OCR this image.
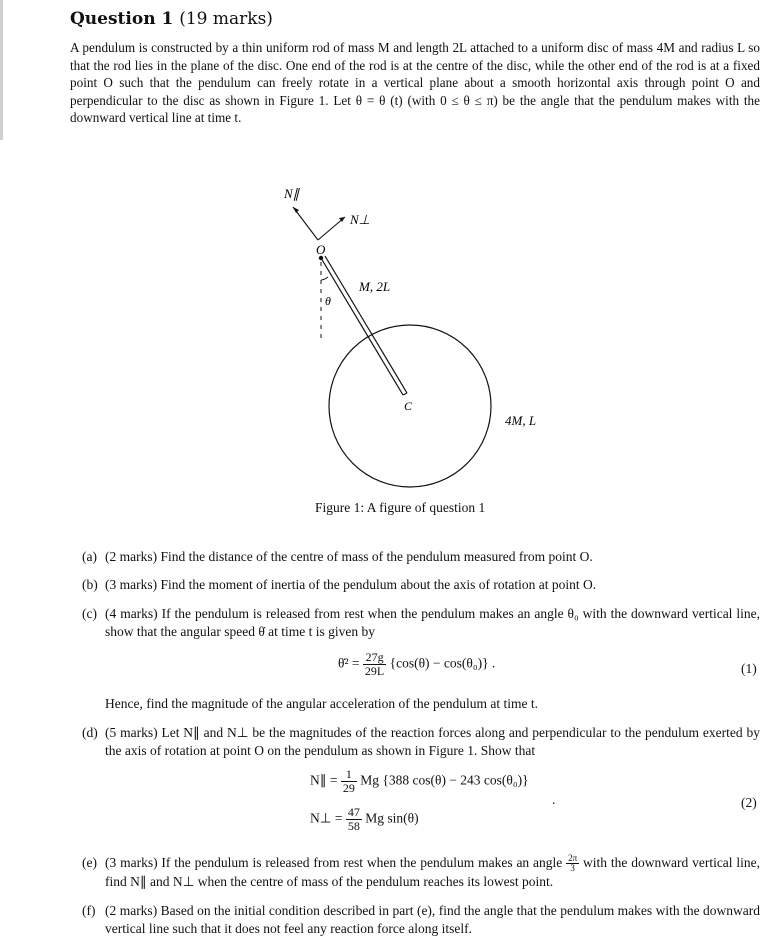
Question 1 (19 marks)
A pendulum is constructed by a thin uniform rod of mass M and length 2L attached to a uniform disc of mass 4M and radius L so that the rod lies in the plane of the disc. One end of the rod is at the centre of the disc, while the other end of the rod is at a fixed point O such that the pendulum can freely rotate in a vertical plane about a smooth horizontal axis through point O and perpendicular to the disc as shown in Figure 1. Let θ = θ (t) (with 0 ≤ θ ≤ π) be the angle that the pendulum makes with the downward vertical line at time t.
N∥
N⊥
O
θ
M, 2L
C
4M, L
Figure 1: A figure of question 1
(a) (2 marks) Find the distance of the centre of mass of the pendulum measured from point O.
(b) (3 marks) Find the moment of inertia of the pendulum about the axis of rotation at point O.
(c) (4 marks) If the pendulum is released from rest when the pendulum makes an angle θ₀ with the downward vertical line, show that the angular speed θ̇ at time t is given by
θ̇² = $\frac{27g}{29L} \{\cos(\theta) - \cos(\theta_0)\}$ .	(1)
Hence, find the magnitude of the angular acceleration of the pendulum at time t.
(d) (5 marks) Let N∥ and N⊥ be the magnitudes of the reaction forces along and perpendicular to the pendulum exerted by the axis of rotation at point O on the pendulum as shown in Figure 1. Show that
N∥ = $\frac{1}{29}$ Mg {388 cos(θ) − 243 cos(θ₀)}
.
N⊥ = $\frac{47}{58}$ Mg sin(θ)
(2)
(e) (3 marks) If the pendulum is released from rest when the pendulum makes an angle $\frac{2\pi}{3}$ with the downward vertical line, find N∥ and N⊥ when the centre of mass of the pendulum reaches its lowest point.
(f) (2 marks) Based on the initial condition described in part (e), find the angle that the pendulum makes with the downward vertical line such that it does not feel any reaction force along itself.
